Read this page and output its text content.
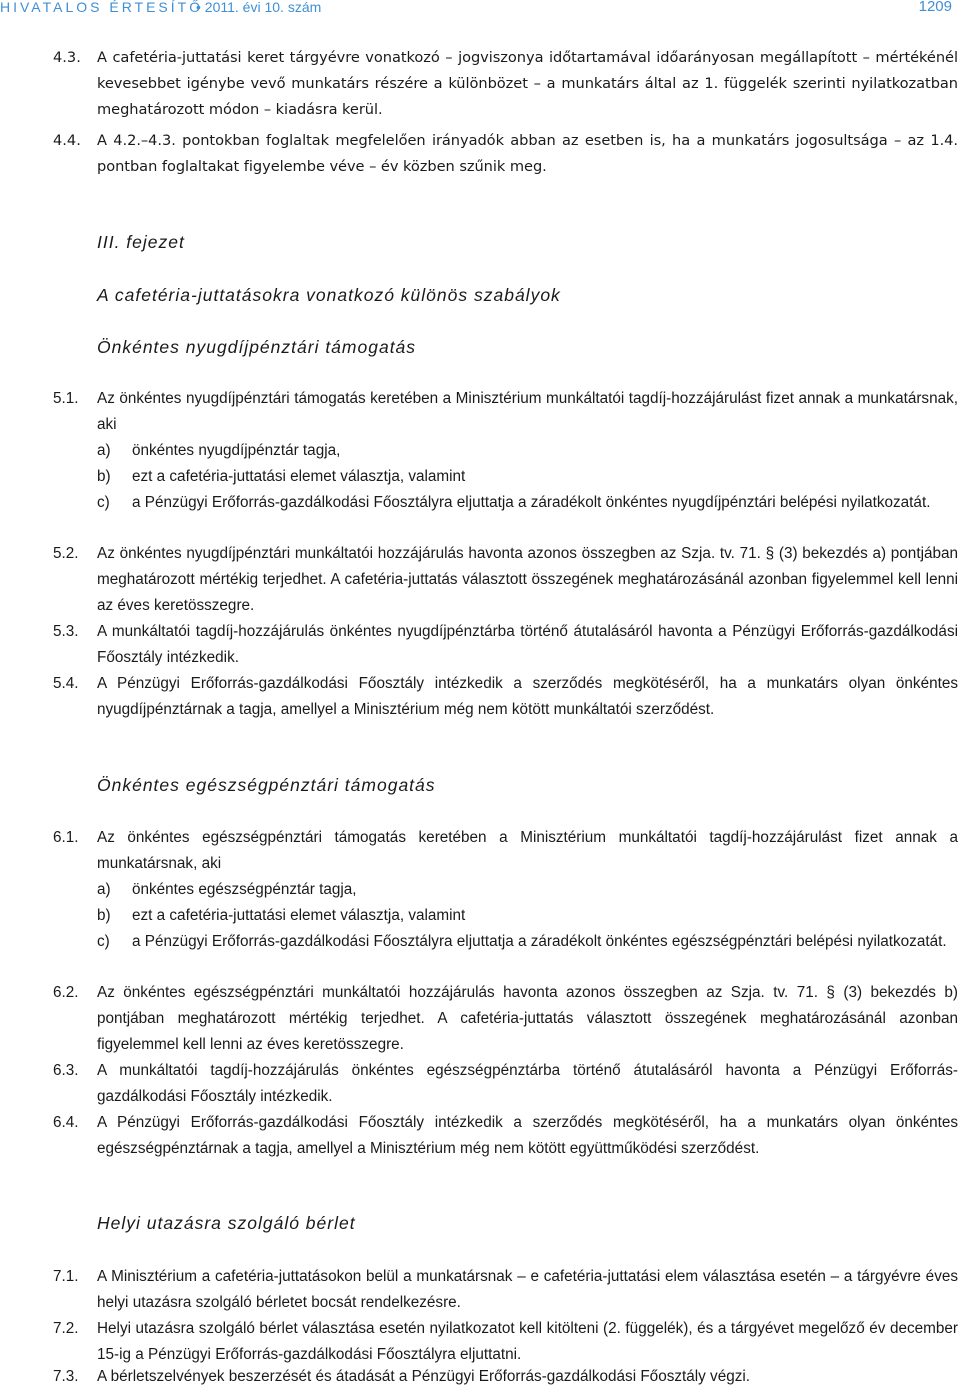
HIVATALOS ÉRTESÍTŐ
• 2011. évi 10. szám	1209
4.3. A cafetéria-juttatási keret tárgyévre vonatkozó – jogviszonya időtartamával időarányosan megállapított – mértékénél kevesebbet igénybe vevő munkatárs részére a különbözet – a munkatárs által az 1. függelék szerinti nyilatkozatban meghatározott módon – kiadásra kerül.
4.4. A 4.2.–4.3. pontokban foglaltak megfelelően irányadók abban az esetben is, ha a munkatárs jogosultsága – az 1.4. pontban foglaltakat figyelembe véve – év közben szűnik meg.
III. fejezet
A cafetéria-juttatásokra vonatkozó különös szabályok
Önkéntes nyugdíjpénztári támogatás
5.1. Az önkéntes nyugdíjpénztári támogatás keretében a Minisztérium munkáltatói tagdíj-hozzájárulást fizet annak a munkatársnak, aki
a) önkéntes nyugdíjpénztár tagja,
b) ezt a cafetéria-juttatási elemet választja, valamint
c) a Pénzügyi Erőforrás-gazdálkodási Főosztályra eljuttatja a záradékolt önkéntes nyugdíjpénztári belépési nyilatkozatát.
5.2. Az önkéntes nyugdíjpénztári munkáltatói hozzájárulás havonta azonos összegben az Szja. tv. 71. § (3) bekezdés a) pontjában meghatározott mértékig terjedhet. A cafetéria-juttatás választott összegének meghatározásánál azonban figyelemmel kell lenni az éves keretösszegre.
5.3. A munkáltatói tagdíj-hozzájárulás önkéntes nyugdíjpénztárba történő átutalásáról havonta a Pénzügyi Erőforrás-gazdálkodási Főosztály intézkedik.
5.4. A Pénzügyi Erőforrás-gazdálkodási Főosztály intézkedik a szerződés megkötéséről, ha a munkatárs olyan önkéntes nyugdíjpénztárnak a tagja, amellyel a Minisztérium még nem kötött munkáltatói szerződést.
Önkéntes egészségpénztári támogatás
6.1. Az önkéntes egészségpénztári támogatás keretében a Minisztérium munkáltatói tagdíj-hozzájárulást fizet annak a munkatársnak, aki
a) önkéntes egészségpénztár tagja,
b) ezt a cafetéria-juttatási elemet választja, valamint
c) a Pénzügyi Erőforrás-gazdálkodási Főosztályra eljuttatja a záradékolt önkéntes egészségpénztári belépési nyilatkozatát.
6.2. Az önkéntes egészségpénztári munkáltatói hozzájárulás havonta azonos összegben az Szja. tv. 71. § (3) bekezdés b) pontjában meghatározott mértékig terjedhet. A cafetéria-juttatás választott összegének meghatározásánál azonban figyelemmel kell lenni az éves keretösszegre.
6.3. A munkáltatói tagdíj-hozzájárulás önkéntes egészségpénztárba történő átutalásáról havonta a Pénzügyi Erőforrás-gazdálkodási Főosztály intézkedik.
6.4. A Pénzügyi Erőforrás-gazdálkodási Főosztály intézkedik a szerződés megkötéséről, ha a munkatárs olyan önkéntes egészségpénztárnak a tagja, amellyel a Minisztérium még nem kötött együttműködési szerződést.
Helyi utazásra szolgáló bérlet
7.1. A Minisztérium a cafetéria-juttatásokon belül a munkatársnak – e cafetéria-juttatási elem választása esetén – a tárgyévre éves helyi utazásra szolgáló bérletet bocsát rendelkezésre.
7.2. Helyi utazásra szolgáló bérlet választása esetén nyilatkozatot kell kitölteni (2. függelék), és a tárgyévet megelőző év december 15-ig a Pénzügyi Erőforrás-gazdálkodási Főosztályra eljuttatni.
7.3. A bérletszelvények beszerzését és átadását a Pénzügyi Erőforrás-gazdálkodási Főosztály végzi.
